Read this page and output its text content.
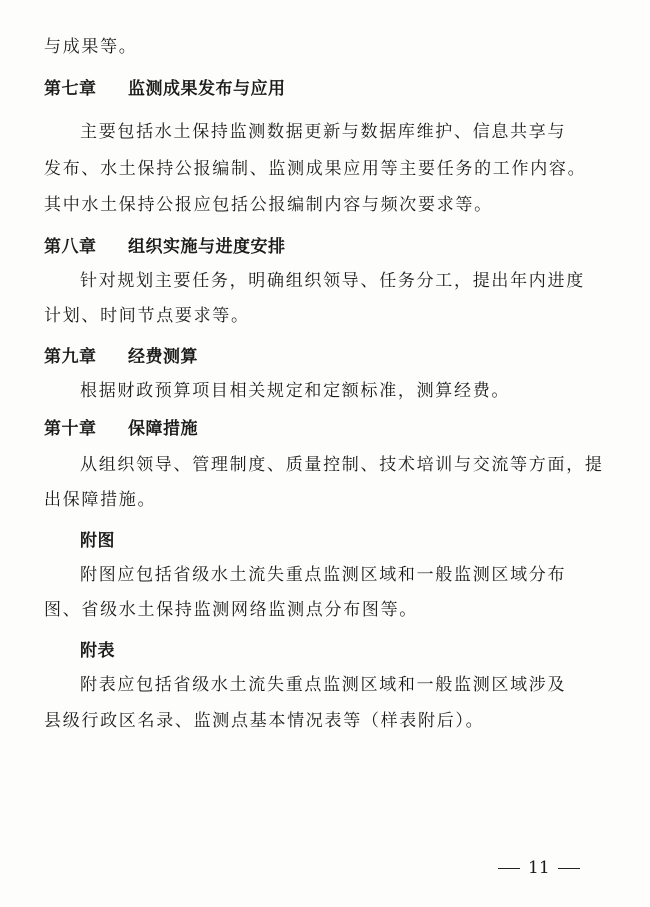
与成果等。
第七章 监测成果发布与应用
主要包括水土保持监测数据更新与数据库维护、信息共享与
发布、水土保持公报编制、监测成果应用等主要任务的工作内容。
其中水土保持公报应包括公报编制内容与频次要求等。
第八章 组织实施与进度安排
针对规划主要任务，明确组织领导、任务分工，提出年内进度
计划、时间节点要求等。
第九章 经费测算
根据财政预算项目相关规定和定额标准，测算经费。
第十章 保障措施
从组织领导、管理制度、质量控制、技术培训与交流等方面，提
出保障措施。
附图
附图应包括省级水土流失重点监测区域和一般监测区域分布
图、省级水土保持监测网络监测点分布图等。
附表
附表应包括省级水土流失重点监测区域和一般监测区域涉及
县级行政区名录、监测点基本情况表等（样表附后）。
11
